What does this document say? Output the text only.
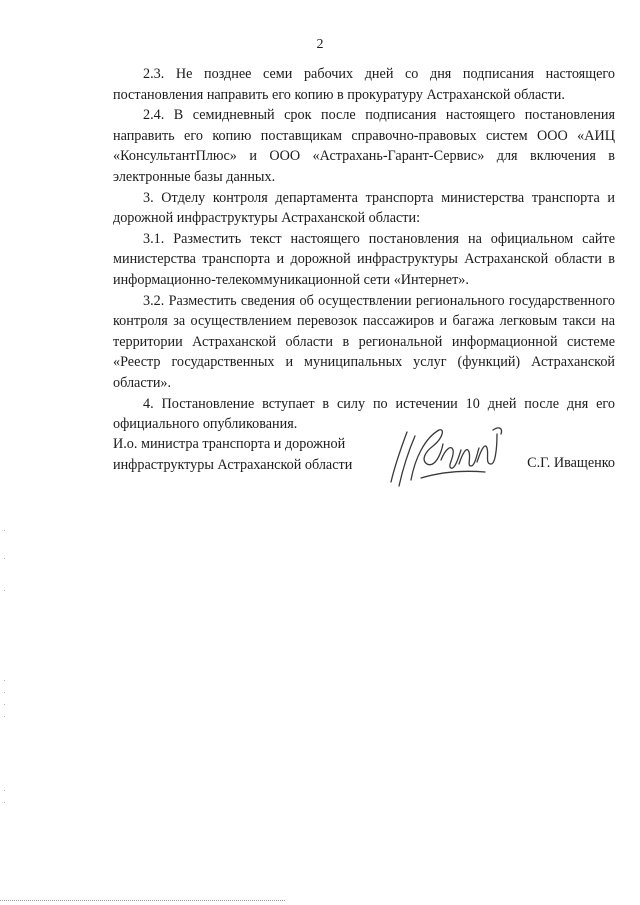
2

2.3. Не позднее семи рабочих дней со дня подписания настоящего постановления направить его копию в прокуратуру Астраханской области.

2.4. В семидневный срок после подписания настоящего постановления направить его копию поставщикам справочно-правовых систем ООО «АИЦ «КонсультантПлюс» и ООО «Астрахань-Гарант-Сервис» для включения в электронные базы данных.

3. Отделу контроля департамента транспорта министерства транспорта и дорожной инфраструктуры Астраханской области:

3.1. Разместить текст настоящего постановления на официальном сайте министерства транспорта и дорожной инфраструктуры Астраханской области в информационно-телекоммуникационной сети «Интернет».

3.2. Разместить сведения об осуществлении регионального государственного контроля за осуществлением перевозок пассажиров и багажа легковым такси на территории Астраханской области в региональной информационной системе «Реестр государственных и муниципальных услуг (функций) Астраханской области».

4. Постановление вступает в силу по истечении 10 дней после дня его официального опубликования.

И.о. министра транспорта и дорожной
инфраструктуры Астраханской области	С.Г. Иващенко
